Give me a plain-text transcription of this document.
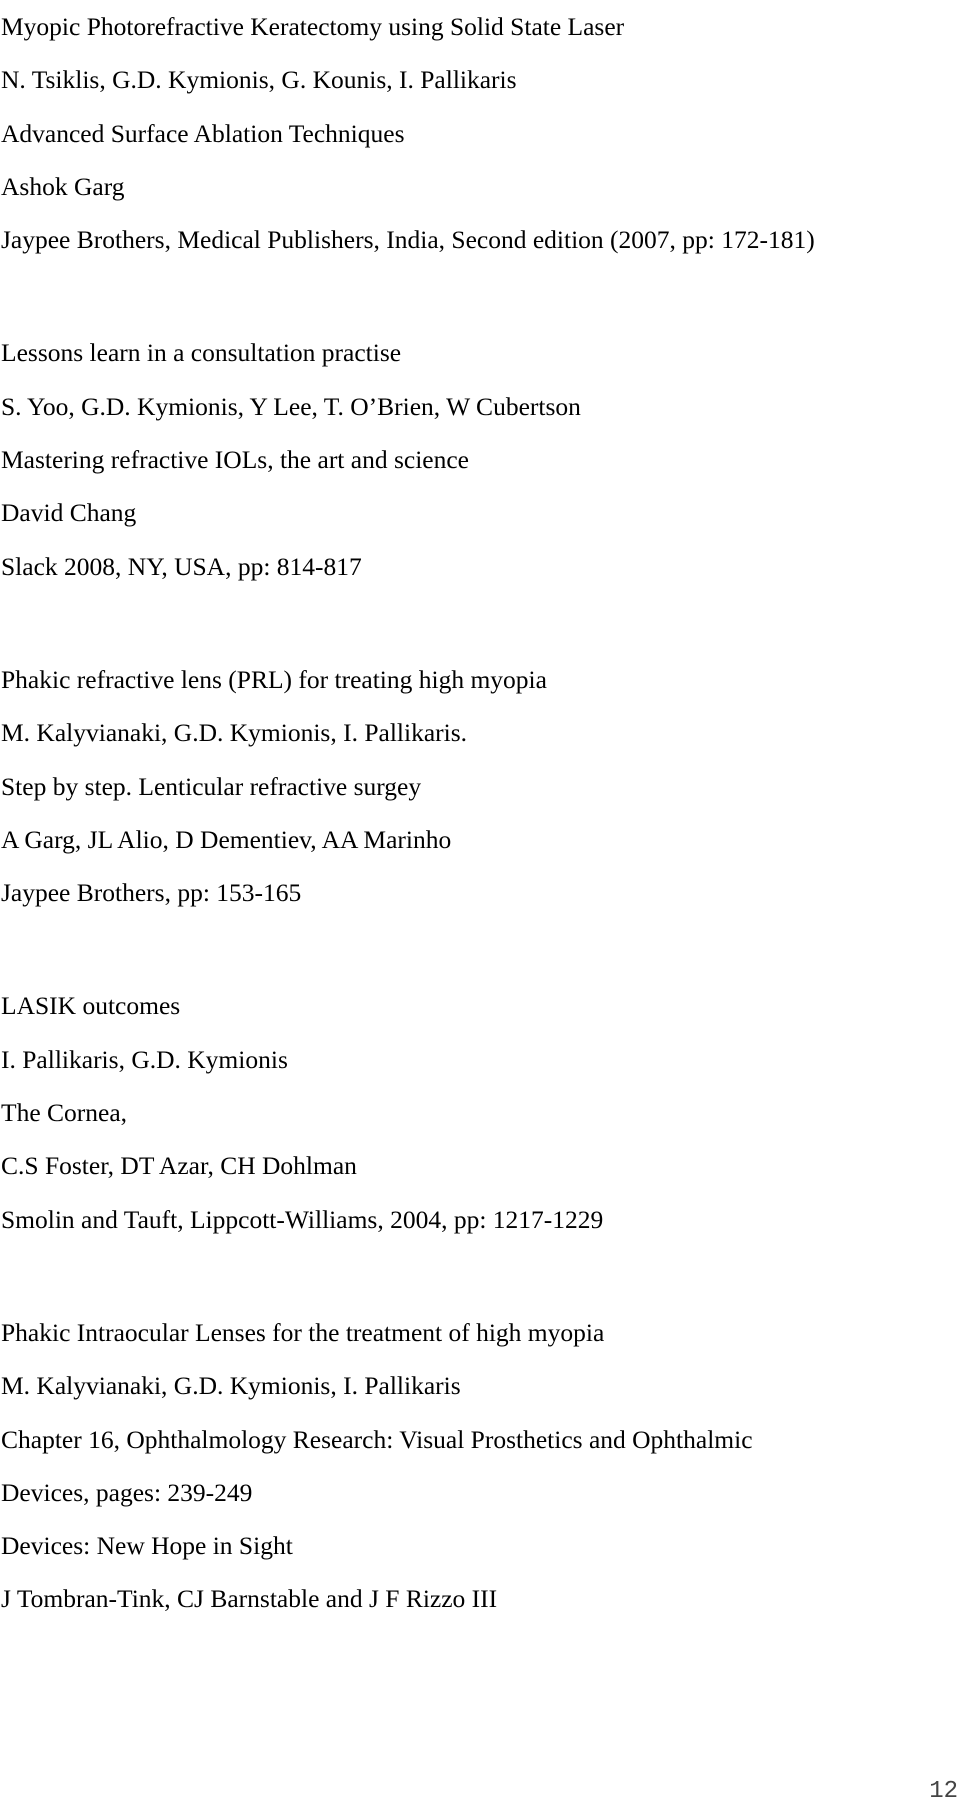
Myopic Photorefractive Keratectomy using Solid State Laser

N. Tsiklis, G.D. Kymionis, G. Kounis, I. Pallikaris

Advanced Surface Ablation Techniques

Ashok Garg

Jaypee Brothers, Medical Publishers, India, Second edition (2007, pp: 172-181)

Lessons learn in a consultation practise

S. Yoo, G.D. Kymionis, Y Lee, T. O’Brien, W Cubertson

Mastering refractive IOLs, the art and science

David Chang

Slack 2008, NY, USA, pp: 814-817

Phakic refractive lens (PRL) for treating high myopia

M. Kalyvianaki, G.D. Kymionis, I. Pallikaris.

Step by step. Lenticular refractive surgey

A Garg, JL Alio, D Dementiev, AA Marinho

Jaypee Brothers, pp: 153-165

LASIK outcomes

I. Pallikaris, G.D. Kymionis

The Cornea,

C.S Foster, DT Azar, CH Dohlman

Smolin and Tauft, Lippcott-Williams, 2004, pp: 1217-1229

Phakic Intraocular Lenses for the treatment of high myopia

M. Kalyvianaki, G.D. Kymionis, I. Pallikaris

Chapter 16, Ophthalmology Research: Visual Prosthetics and Ophthalmic

Devices, pages: 239-249

Devices: New Hope in Sight

J Tombran-Tink, CJ Barnstable and J F Rizzo III

12
